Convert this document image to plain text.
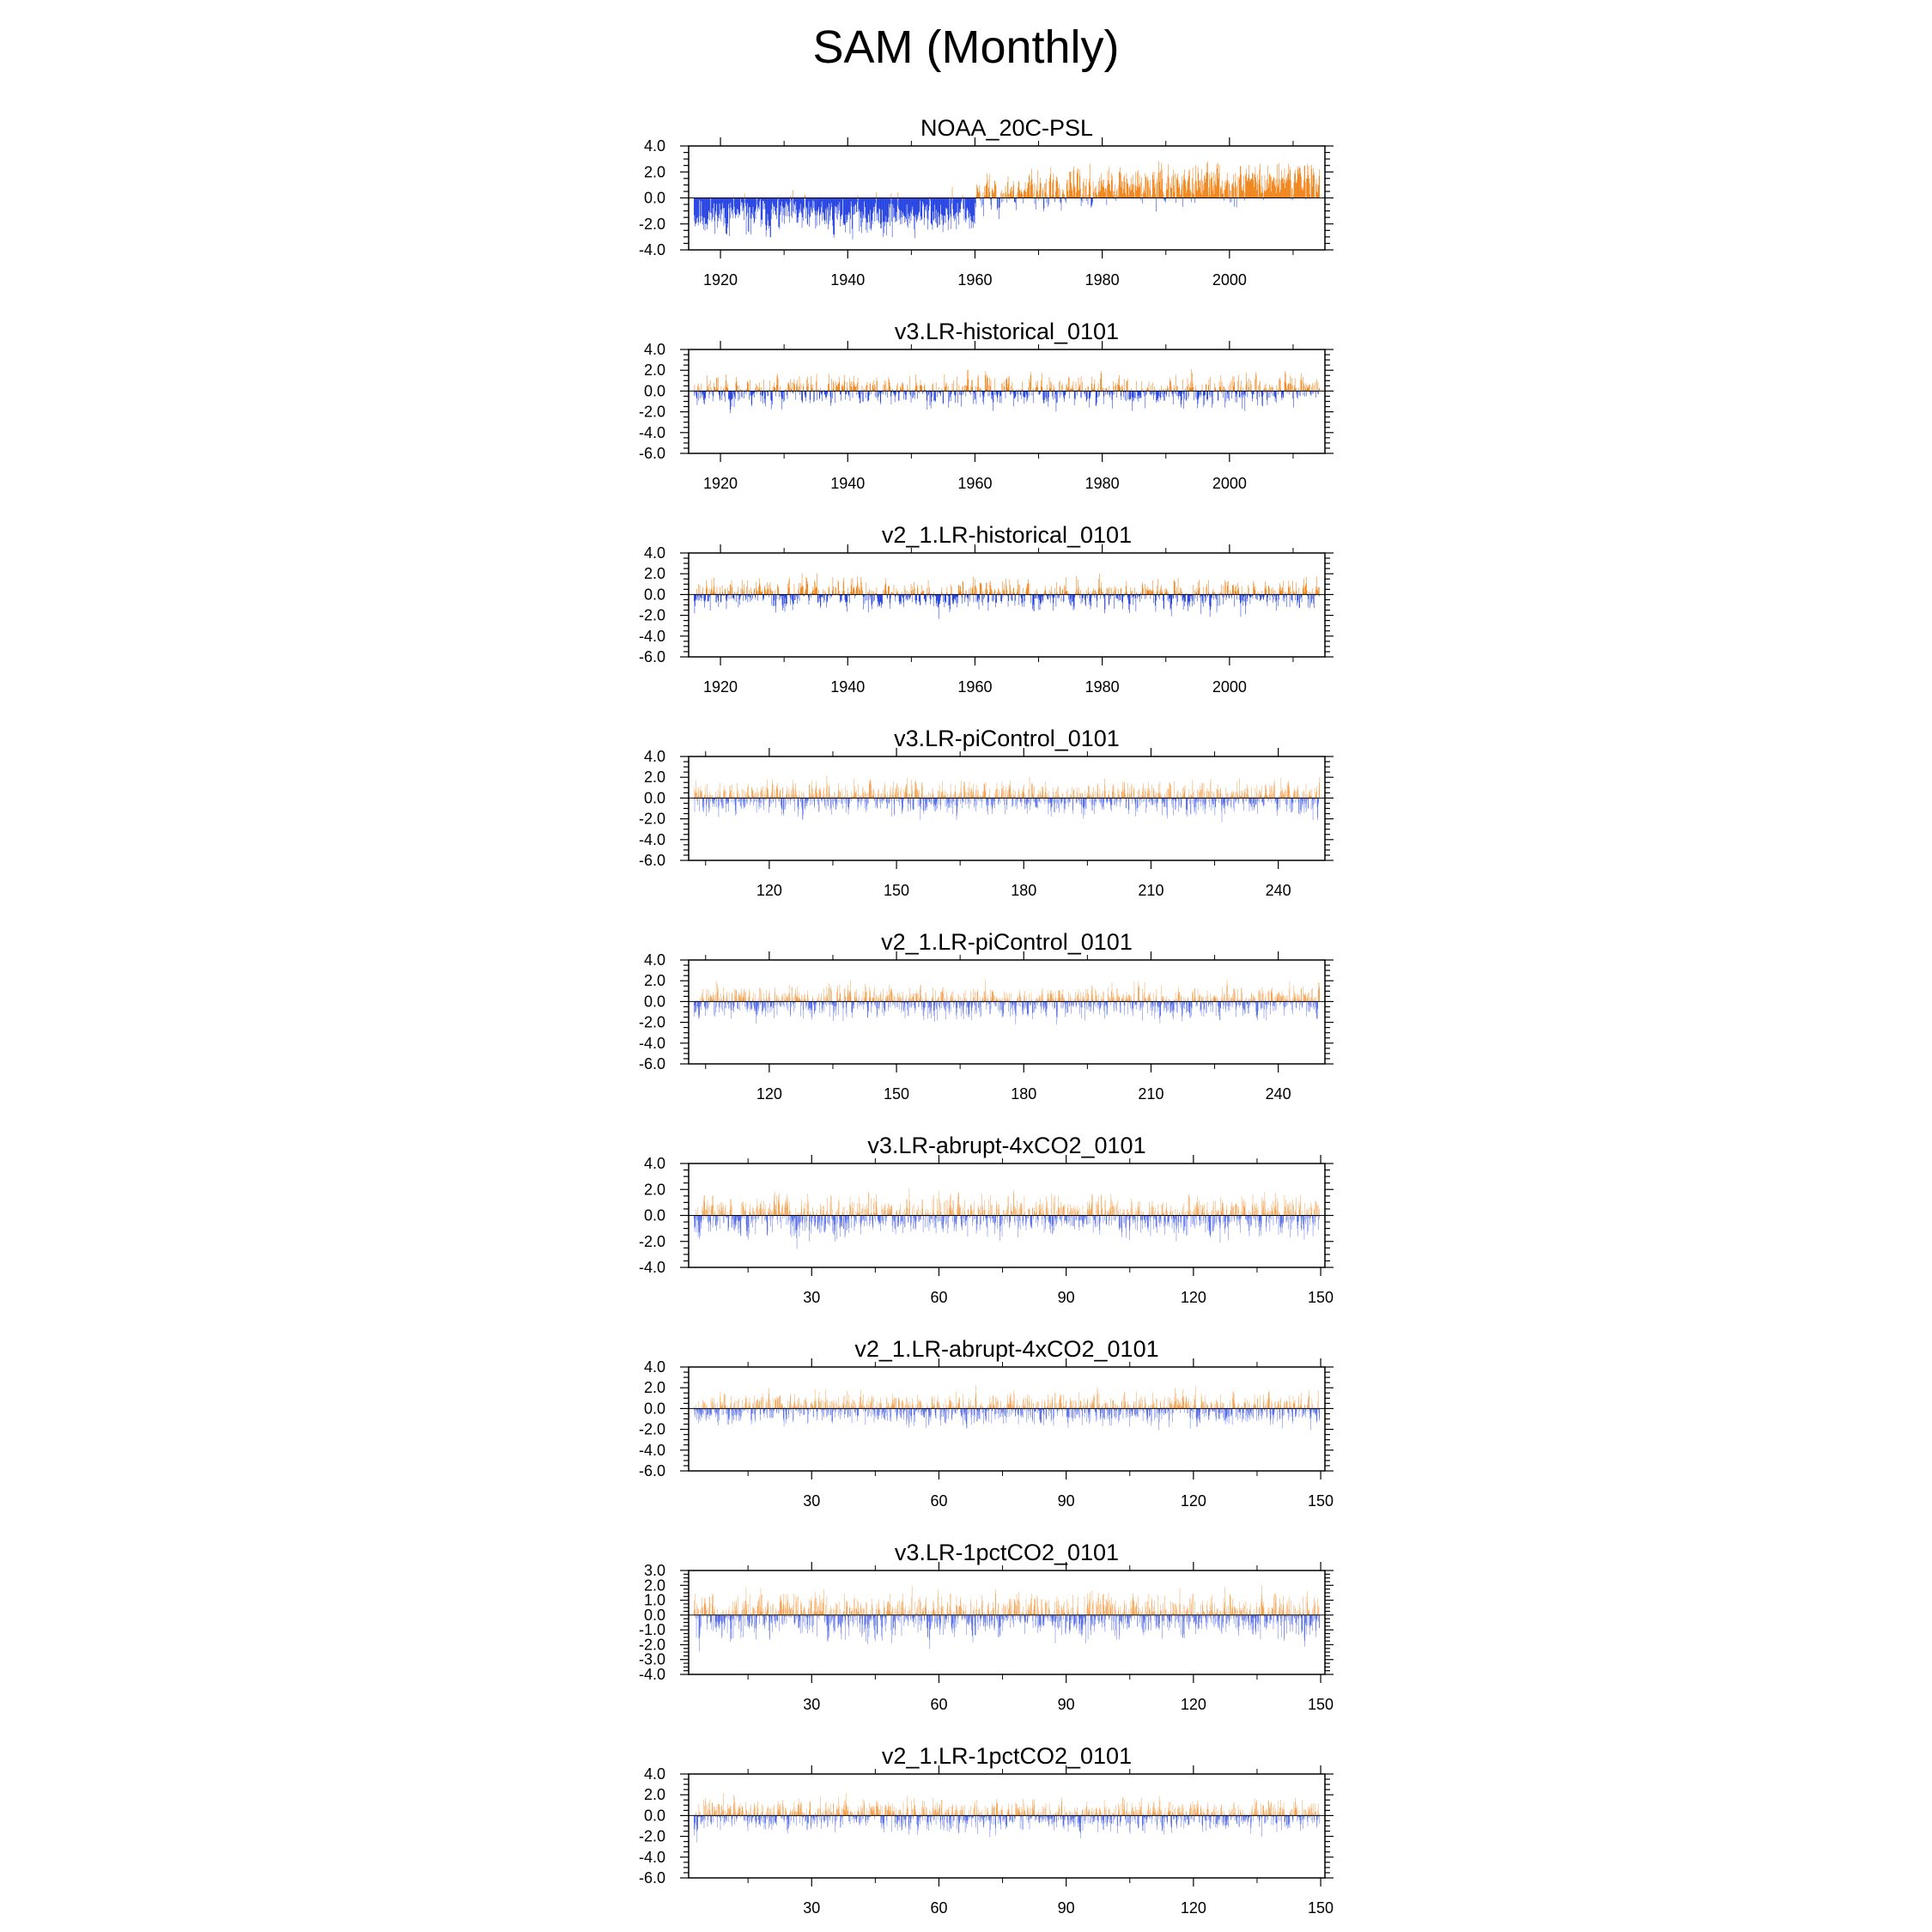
SAM (Monthly)
NOAA_20C-PSL
-4.0
-2.0
0.0
2.0
4.0
1920	1940	1960	1980	2000
v3.LR-historical_0101
-6.0
-4.0
-2.0
0.0
2.0
4.0
1920	1940	1960	1980	2000
v2_1.LR-historical_0101
-6.0
-4.0
-2.0
0.0
2.0
4.0
1920	1940	1960	1980	2000
v3.LR-piControl_0101
-6.0
-4.0
-2.0
0.0
2.0
4.0
120	150	180	210	240
v2_1.LR-piControl_0101
-6.0
-4.0
-2.0
0.0
2.0
4.0
120	150	180	210	240
v3.LR-abrupt-4xCO2_0101
-4.0
-2.0
0.0
2.0
4.0
30	60	90	120	150
v2_1.LR-abrupt-4xCO2_0101
-6.0
-4.0
-2.0
0.0
2.0
4.0
30	60	90	120	150
v3.LR-1pctCO2_0101
-4.0
-3.0
-2.0
-1.0
0.0
1.0
2.0
3.0
30	60	90	120	150
v2_1.LR-1pctCO2_0101
-6.0
-4.0
-2.0
0.0
2.0
4.0
30	60	90	120	150
